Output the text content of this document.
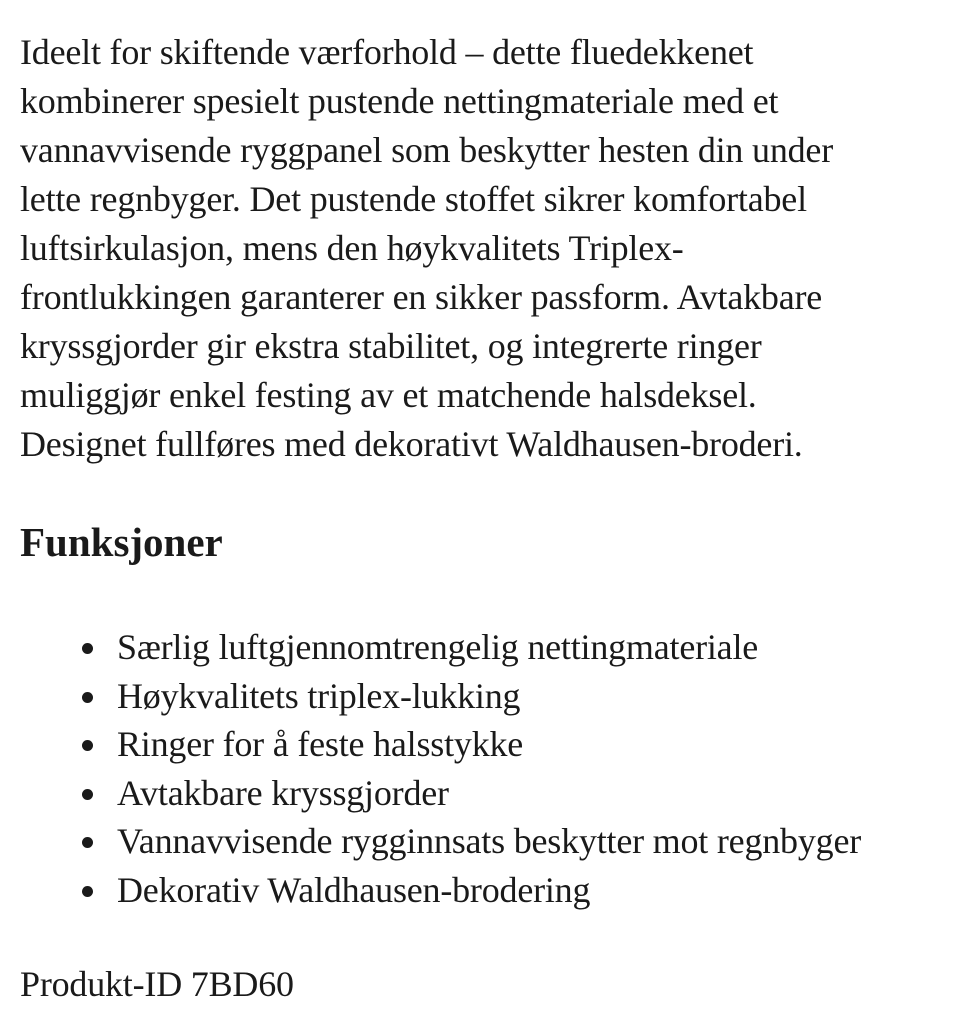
Ideelt for skiftende værforhold – dette fluedekkenet
kombinerer spesielt pustende nettingmateriale med et
vannavvisende ryggpanel som beskytter hesten din under
lette regnbyger. Det pustende stoffet sikrer komfortabel
luftsirkulasjon, mens den høykvalitets Triplex-
frontlukkingen garanterer en sikker passform. Avtakbare
kryssgjorder gir ekstra stabilitet, og integrerte ringer
muliggjør enkel festing av et matchende halsdeksel.
Designet fullføres med dekorativt Waldhausen-broderi.

Funksjoner
Særlig luftgjennomtrengelig nettingmateriale
Høykvalitets triplex-lukking
Ringer for å feste halsstykke
Avtakbare kryssgjorder
Vannavvisende rygginnsats beskytter mot regnbyger
Dekorativ Waldhausen-brodering

Produkt-ID 7BD60
